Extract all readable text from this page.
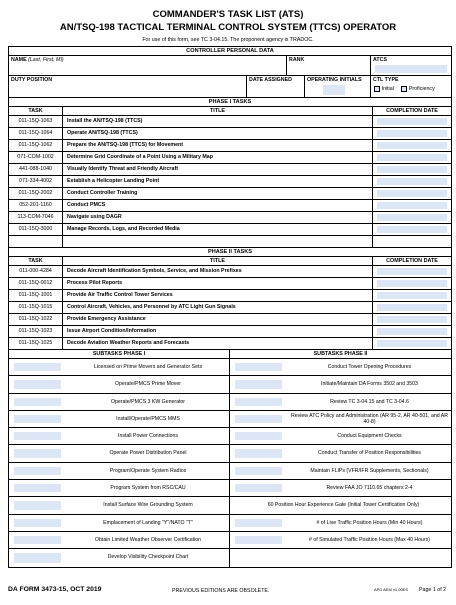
COMMANDER'S TASK LIST (ATS)
AN/TSQ-198 TACTICAL TERMINAL CONTROL SYSTEM (TTCS) OPERATOR
For use of this form, see TC 3-04.15. The proponent agency is TRADOC.
CONTROLLER PERSONAL DATA
NAME (Last, First, MI)	RANK	ATCS
DUTY POSITION	DATE ASSIGNED	OPERATING INITIALS	CTL TYPE
Initial	Proficiency
PHASE I TASKS
TASK	TITLE	COMPLETION DATE
011-15Q-1063	Install the AN/TSQ-198 (TTCS)
011-15Q-1064	Operate AN/TSQ-198 (TTCS)
011-15Q-1062	Prepare the AN/TSQ-198 (TTCS) for Movement
071-COM-1002	Determine Grid Coordinate of a Point Using a Military Map
441-088-1040	Visually Identify Threat and Friendly Aircraft
071-334-4002	Establish a Helicopter Landing Point
011-15Q-2002	Conduct Controller Training
052-201-1160	Conduct PMCS
113-COM-7046	Navigate using DAGR
011-15Q-3000	Manage Records, Logs, and Recorded Media
PHASE II TASKS
TASK	TITLE	COMPLETION DATE
011-000-4284	Decode Aircraft Identification Symbols, Service, and Mission Prefixes
011-15Q-0012	Process Pilot Reports
011-15Q-1001	Provide Air Traffic Control Tower Services
011-15Q-1015	Control Aircraft, Vehicles, and Personnel by ATC Light Gun Signals
011-15Q-1022	Provide Emergency Assistance
011-15Q-1023	Issue Airport Condition/Information
011-15Q-1025	Decode Aviation Weather Reports and Forecasts
SUBTASKS PHASE I	SUBTASKS PHASE II
Licensed on Prime Movers and Generator Sets	Conduct Tower Opening Procedures
Operate/PMCS Prime Mover	Initiate/Maintain DA Forms 3502 and 3503
Operate/PMCS 3 KW Generator	Review TC 3-04.15 and TC 3-04.6
Install/Operate/PMCS MMS	Review ATC Policy and Administration (AR 95-2, AR 40-501, and AR 40-8)
Install Power Connections	Conduct Equipment Checks
Operate Power Distribution Panel	Conduct Transfer of Position Responsibilities
Program/Operate System Radios	Maintain FLIPs (VFR/IFR Supplements, Sectionals)
Program System from RSC/CAU	Review FAA JO 7110.65 chapters 2-4
Install Surface Wire Grounding System	60 Position Hour Experience Gate (Initial Tower Certification Only)
Emplacement of Landing "Y"/NATO "T"	# of Live Traffic Position Hours (Min 40 Hours)
Obtain Limited Weather Observer Certification	# of Simulated Traffic Position Hours (Max 40 Hours)
Develop Visibility Checkpoint Chart
DA FORM 3473-15, OCT 2019	PREVIOUS EDITIONS ARE OBSOLETE.	APD AEM v1.00ES Page 1 of 2
